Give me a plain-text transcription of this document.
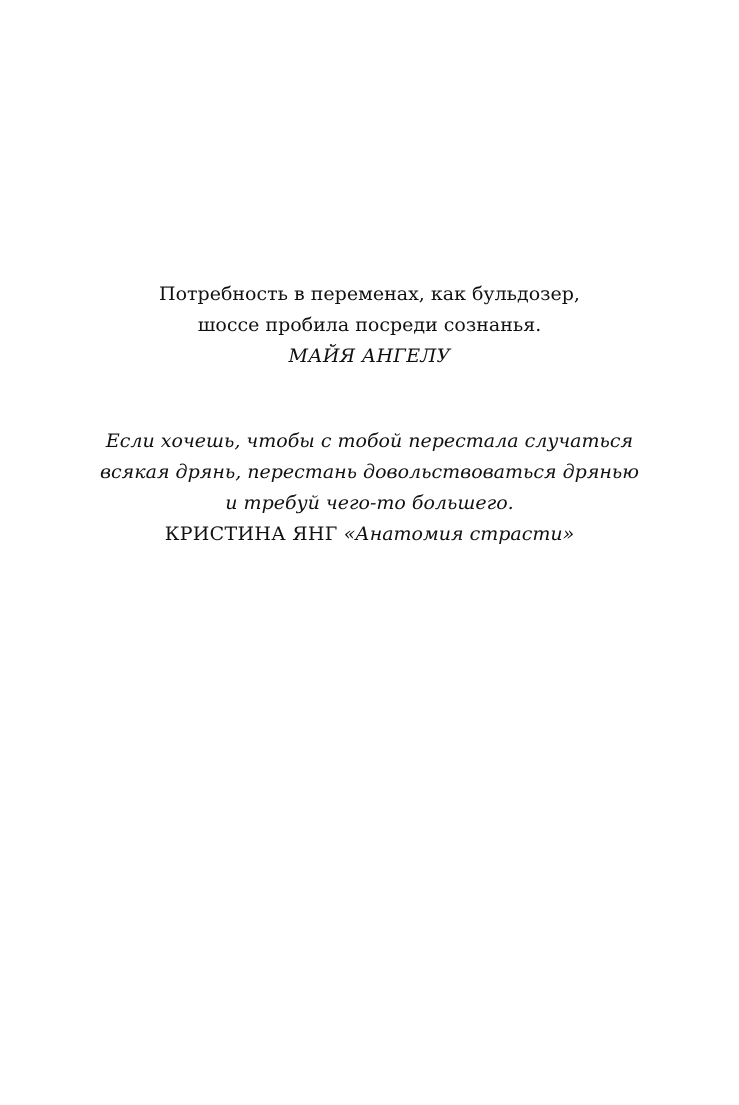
Потребность в переменах, как бульдозер,
шоссе пробила посреди сознанья.
МАЙЯ АНГЕЛУ
Если хочешь, чтобы с тобой перестала случаться
всякая дрянь, перестань довольствоваться дрянью
и требуй чего-то большего.
КРИСТИНА ЯНГ «Анатомия страсти»
